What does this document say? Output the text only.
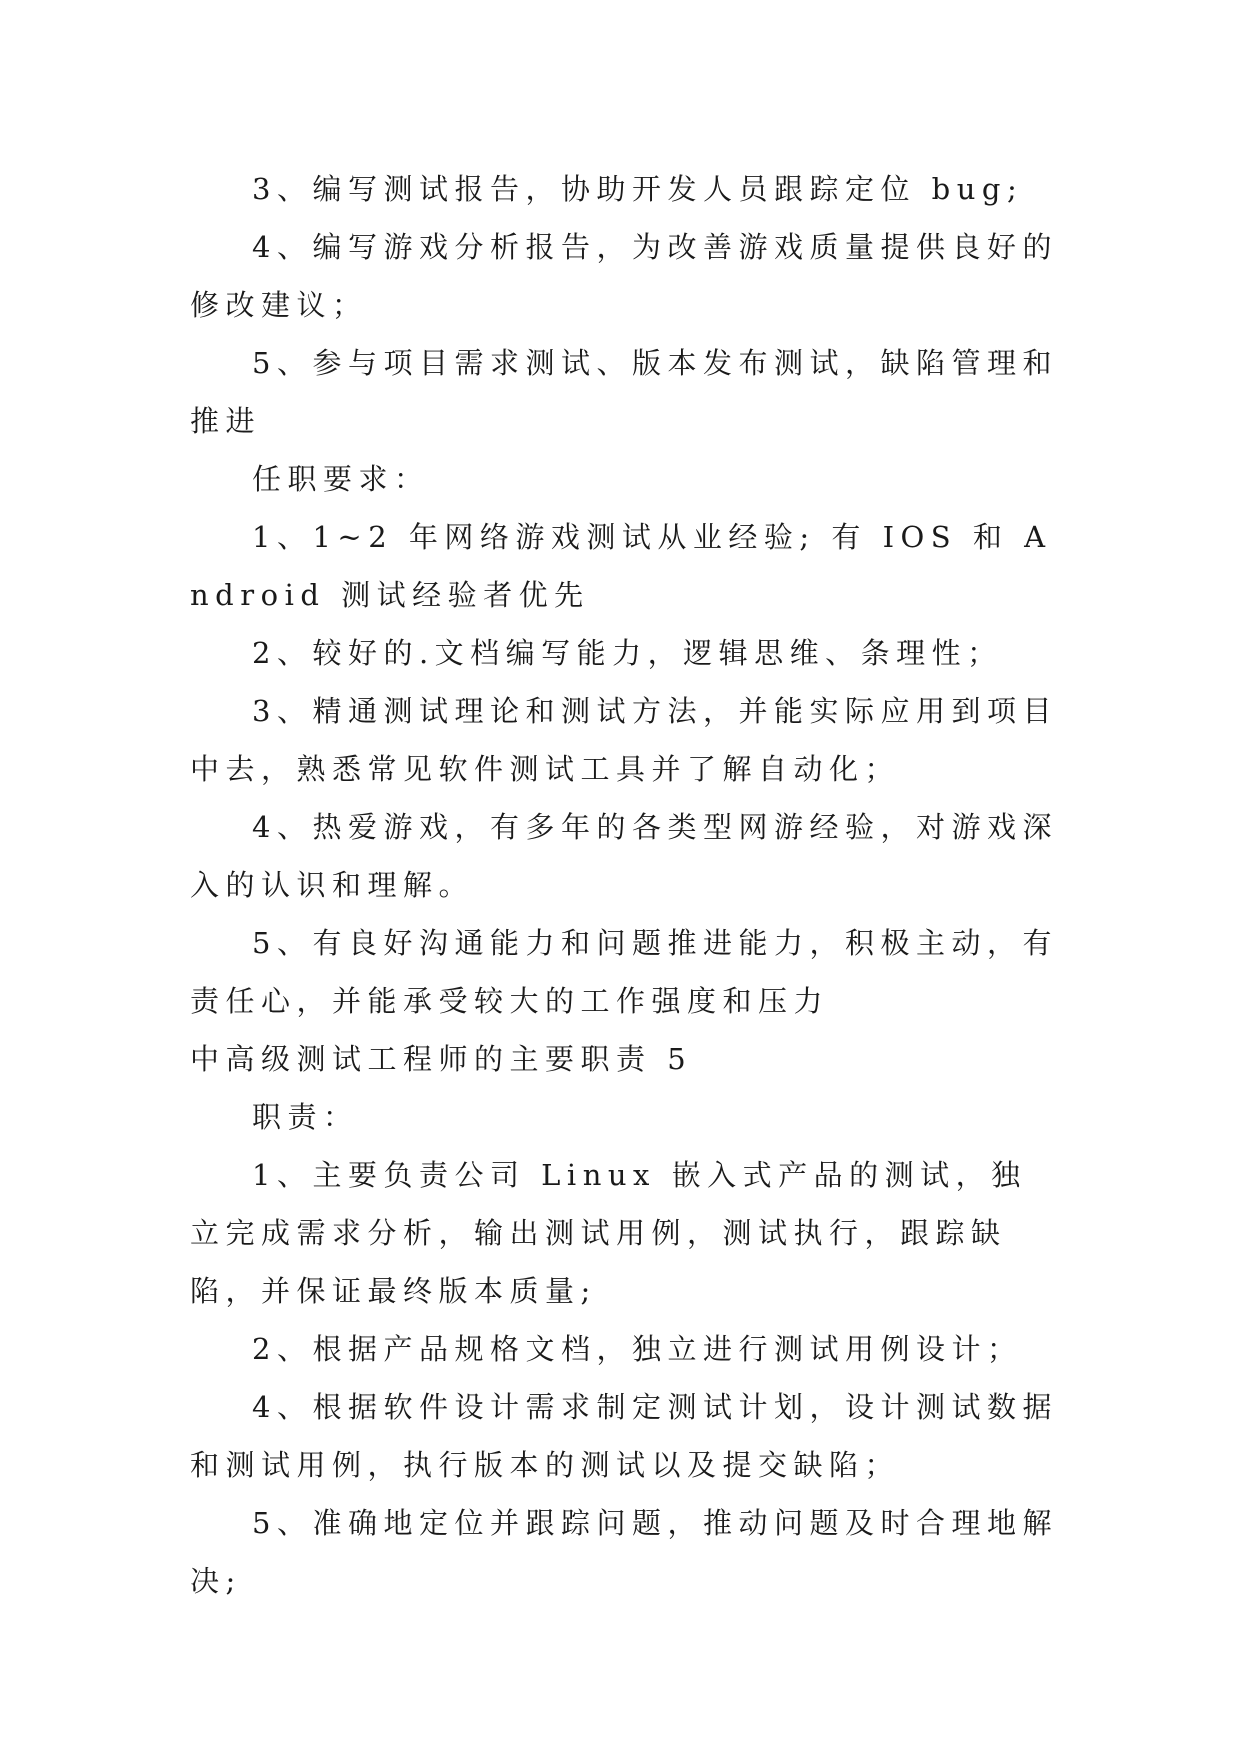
3、编写测试报告，协助开发人员跟踪定位 bug;

4、编写游戏分析报告，为改善游戏质量提供良好的修改建议；

5、参与项目需求测试、版本发布测试，缺陷管理和推进

任职要求：

1、1~2 年网络游戏测试从业经验; 有 IOS 和 Android 测试经验者优先

2、较好的.文档编写能力，逻辑思维、条理性；

3、精通测试理论和测试方法，并能实际应用到项目中去，熟悉常见软件测试工具并了解自动化；

4、热爱游戏，有多年的各类型网游经验，对游戏深入的认识和理解。

5、有良好沟通能力和问题推进能力，积极主动，有责任心，并能承受较大的工作强度和压力

中高级测试工程师的主要职责 5

职责：

1、主要负责公司 Linux 嵌入式产品的测试，独立完成需求分析，输出测试用例，测试执行，跟踪缺陷，并保证最终版本质量;

2、根据产品规格文档，独立进行测试用例设计；

4、根据软件设计需求制定测试计划，设计测试数据和测试用例，执行版本的测试以及提交缺陷；

5、准确地定位并跟踪问题，推动问题及时合理地解决;
